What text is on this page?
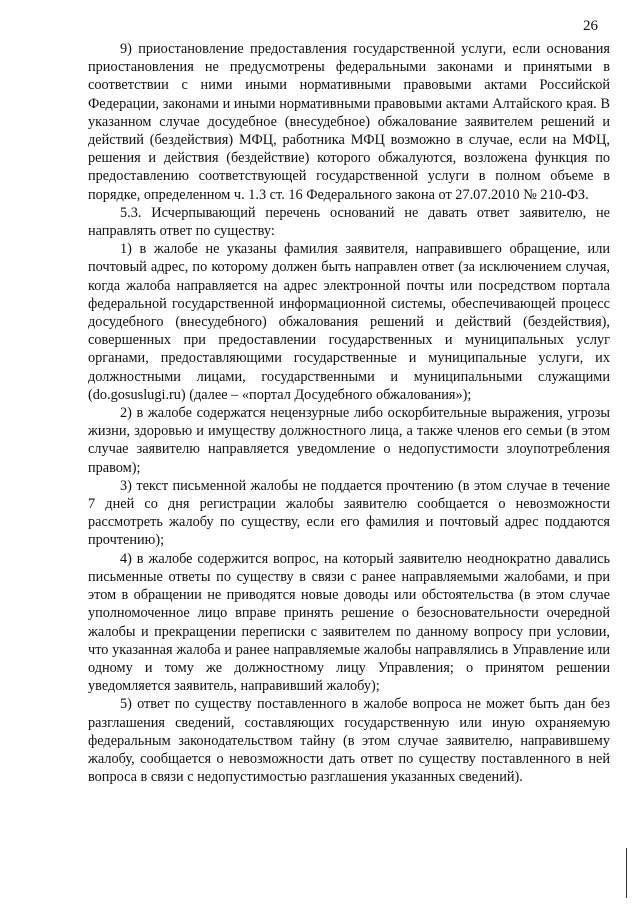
26

9) приостановление предоставления государственной услуги, если основания приостановления не предусмотрены федеральными законами и принятыми в соответствии с ними иными нормативными правовыми актами Российской Федерации, законами и иными нормативными правовыми актами Алтайского края. В указанном случае досудебное (внесудебное) обжалование заявителем решений и действий (бездействия) МФЦ, работника МФЦ возможно в случае, если на МФЦ, решения и действия (бездействие) которого обжалуются, возложена функция по предоставлению соответствующей государственной услуги в полном объеме в порядке, определенном ч. 1.3 ст. 16 Федерального закона от 27.07.2010 № 210-ФЗ.

5.3. Исчерпывающий перечень оснований не давать ответ заявителю, не направлять ответ по существу:

1) в жалобе не указаны фамилия заявителя, направившего обращение, или почтовый адрес, по которому должен быть направлен ответ (за исключением случая, когда жалоба направляется на адрес электронной почты или посредством портала федеральной государственной информационной системы, обеспечивающей процесс досудебного (внесудебного) обжалования решений и действий (бездействия), совершенных при предоставлении государственных и муниципальных услуг органами, предоставляющими государственные и муниципальные услуги, их должностными лицами, государственными и муниципальными служащими (do.gosuslugi.ru) (далее – «портал Досудебного обжалования»);

2) в жалобе содержатся нецензурные либо оскорбительные выражения, угрозы жизни, здоровью и имуществу должностного лица, а также членов его семьи (в этом случае заявителю направляется уведомление о недопустимости злоупотребления правом);

3) текст письменной жалобы не поддается прочтению (в этом случае в течение 7 дней со дня регистрации жалобы заявителю сообщается о невозможности рассмотреть жалобу по существу, если его фамилия и почтовый адрес поддаются прочтению);

4) в жалобе содержится вопрос, на который заявителю неоднократно давались письменные ответы по существу в связи с ранее направляемыми жалобами, и при этом в обращении не приводятся новые доводы или обстоятельства (в этом случае уполномоченное лицо вправе принять решение о безосновательности очередной жалобы и прекращении переписки с заявителем по данному вопросу при условии, что указанная жалоба и ранее направляемые жалобы направлялись в Управление или одному и тому же должностному лицу Управления; о принятом решении уведомляется заявитель, направивший жалобу);

5) ответ по существу поставленного в жалобе вопроса не может быть дан без разглашения сведений, составляющих государственную или иную охраняемую федеральным законодательством тайну (в этом случае заявителю, направившему жалобу, сообщается о невозможности дать ответ по существу поставленного в ней вопроса в связи с недопустимостью разглашения указанных сведений).
